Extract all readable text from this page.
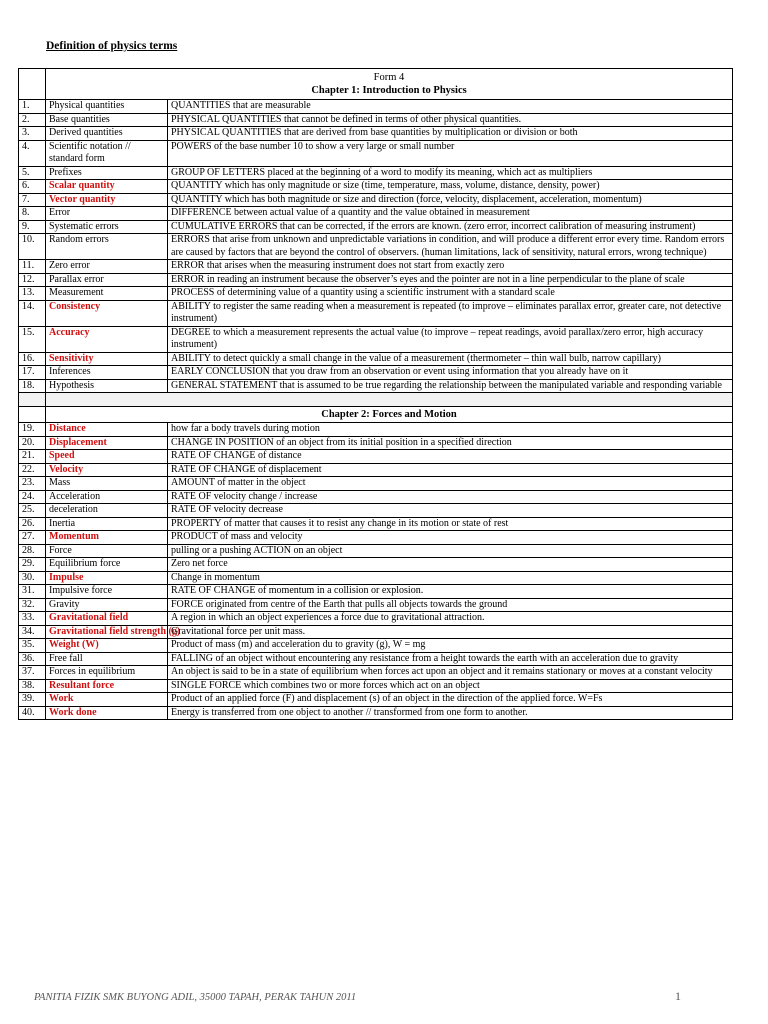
Definition of physics terms

	Form 4
Chapter 1: Introduction to Physics	
1.	Physical quantities	QUANTITIES that are measurable
2.	Base quantities	PHYSICAL QUANTITIES that cannot be defined in terms of other physical quantities.
3.	Derived quantities	PHYSICAL QUANTITIES that are derived from base quantities by multiplication or division or both
4.	Scientific notation // standard form	POWERS of the base number 10 to show a very large or small number
5.	Prefixes	GROUP OF LETTERS placed at the beginning of a word to modify its meaning, which act as multipliers
6.	Scalar quantity	QUANTITY which has only magnitude or size (time, temperature, mass, volume, distance, density, power)
7.	Vector quantity	QUANTITY which has both magnitude or size and direction (force, velocity, displacement, acceleration, momentum)
8.	Error	DIFFERENCE between actual value of a quantity and the value obtained in measurement
9.	Systematic errors	CUMULATIVE ERRORS that can be corrected, if the errors are known. (zero error, incorrect calibration of measuring instrument)
10.	Random errors	ERRORS that arise from unknown and unpredictable variations in condition, and will produce a different error every time. Random errors are caused by factors that are beyond the control of observers. (human limitations, lack of sensitivity, natural errors, wrong technique)
11.	Zero error	ERROR that arises when the measuring instrument does not start from exactly zero
12.	Parallax error	ERROR in reading an instrument because the observer’s eyes and the pointer are not in a line perpendicular to the plane of scale
13.	Measurement	PROCESS of determining value of a quantity using a scientific instrument with a standard scale
14.	Consistency	ABILITY to register the same reading when a measurement is repeated (to improve – eliminates parallax error, greater care, not detective instrument)
15.	Accuracy	DEGREE to which a measurement represents the actual value (to improve – repeat readings, avoid parallax/zero error, high accuracy instrument)
16.	Sensitivity	ABILITY to detect quickly a small change in the value of a measurement (thermometer – thin wall bulb, narrow capillary)
17.	Inferences	EARLY CONCLUSION that you draw from an observation or event using information that you already have on it
18.	Hypothesis	GENERAL STATEMENT that is assumed to be true regarding the relationship between the manipulated variable and responding variable

	Chapter 2: Forces and Motion	
19.	Distance	how far a body travels during motion
20.	Displacement	CHANGE IN POSITION of an object from its initial position in a specified direction
21.	Speed	RATE OF CHANGE of distance
22.	Velocity	RATE OF CHANGE of displacement
23.	Mass	AMOUNT of matter in the object
24.	Acceleration	RATE OF velocity change / increase
25.	deceleration	RATE OF velocity decrease
26.	Inertia	PROPERTY of matter that causes it to resist any change in its motion or state of rest
27.	Momentum	PRODUCT of mass and velocity
28.	Force	pulling or a pushing ACTION on an object
29.	Equilibrium force	Zero net force
30.	Impulse	Change in momentum
31.	Impulsive force	RATE OF CHANGE of momentum in a collision or explosion.
32.	Gravity	FORCE originated from centre of the Earth that pulls all objects towards the ground
33.	Gravitational field	A region in which an object experiences a force due to gravitational attraction.
34.	Gravitational field strength (g)	Gravitational force per unit mass.
35.	Weight (W)	Product of mass (m) and acceleration du to gravity (g), W = mg
36.	Free fall	FALLING of an object without encountering any resistance from a height towards the earth with an acceleration due to gravity
37.	Forces in equilibrium	An object is said to be in a state of equilibrium when forces act upon an object and it remains stationary or moves at a constant velocity
38.	Resultant force	SINGLE FORCE which combines two or more forces which act on an object
39.	Work	Product of an applied force (F) and displacement (s) of an object in the direction of the applied force. W=Fs
40.	Work done	Energy is transferred from one object to another // transformed from one form to another.
PANITIA FIZIK SMK BUYONG ADIL, 35000 TAPAH, PERAK TAHUN 2011	1
